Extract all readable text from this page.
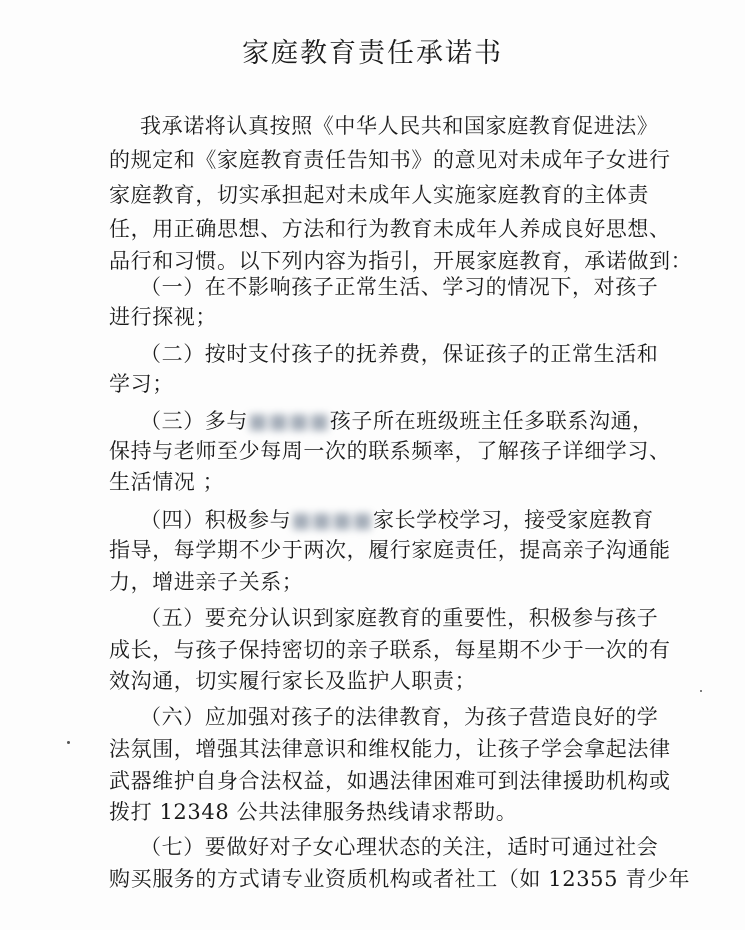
家庭教育责任承诺书
我承诺将认真按照《中华人民共和国家庭教育促进法》
的规定和《家庭教育责任告知书》的意见对未成年子女进行
家庭教育，切实承担起对未成年人实施家庭教育的主体责
任，用正确思想、方法和行为教育未成年人养成良好思想、
品行和习惯。以下列内容为指引，开展家庭教育，承诺做到：
（一）在不影响孩子正常生活、学习的情况下，对孩子
进行探视；
（二）按时支付孩子的抚养费，保证孩子的正常生活和
学习；
（三）多与■■■■孩子所在班级班主任多联系沟通，
保持与老师至少每周一次的联系频率，了解孩子详细学习、
生活情况 ；
（四）积极参与■■■■家长学校学习，接受家庭教育
指导，每学期不少于两次，履行家庭责任，提高亲子沟通能
力，增进亲子关系；
（五）要充分认识到家庭教育的重要性，积极参与孩子
成长，与孩子保持密切的亲子联系，每星期不少于一次的有
效沟通，切实履行家长及监护人职责；
（六）应加强对孩子的法律教育，为孩子营造良好的学
法氛围，增强其法律意识和维权能力，让孩子学会拿起法律
武器维护自身合法权益，如遇法律困难可到法律援助机构或
拨打 12348 公共法律服务热线请求帮助。
（七）要做好对子女心理状态的关注，适时可通过社会
购买服务的方式请专业资质机构或者社工（如 12355 青少年
